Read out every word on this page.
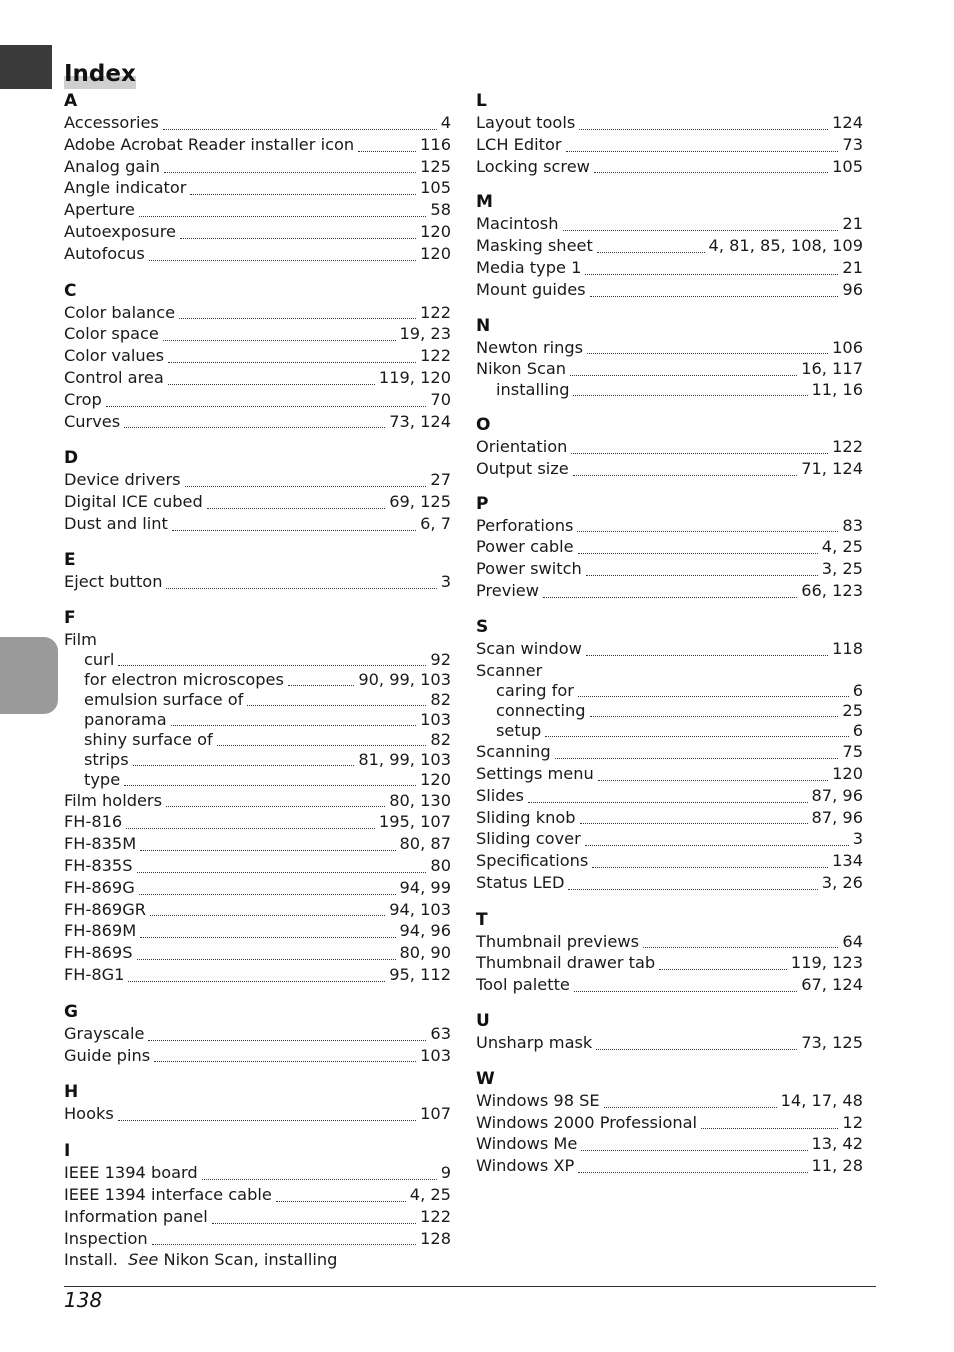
Index
A
Accessories	4
Adobe Acrobat Reader installer icon	116
Analog gain	125
Angle indicator	105
Aperture	58
Autoexposure	120
Autofocus	120
C
Color balance	122
Color space	19, 23
Color values	122
Control area	119, 120
Crop	70
Curves	73, 124
D
Device drivers	27
Digital ICE cubed	69, 125
Dust and lint	6, 7
E
Eject button	3
F
Film
curl	92
for electron microscopes	90, 99, 103
emulsion surface of	82
panorama	103
shiny surface of	82
strips	81, 99, 103
type	120
Film holders	80, 130
FH-816	195, 107
FH-835M	80, 87
FH-835S	80
FH-869G	94, 99
FH-869GR	94, 103
FH-869M	94, 96
FH-869S	80, 90
FH-8G1	95, 112
G
Grayscale	63
Guide pins	103
H
Hooks	107
I
IEEE 1394 board	9
IEEE 1394 interface cable	4, 25
Information panel	122
Inspection	128
Install. See Nikon Scan, installing
L
Layout tools	124
LCH Editor	73
Locking screw	105
M
Macintosh	21
Masking sheet	4, 81, 85, 108, 109
Media type 1	21
Mount guides	96
N
Newton rings	106
Nikon Scan	16, 117
installing	11, 16
O
Orientation	122
Output size	71, 124
P
Perforations	83
Power cable	4, 25
Power switch	3, 25
Preview	66, 123
S
Scan window	118
Scanner
caring for	6
connecting	25
setup	6
Scanning	75
Settings menu	120
Slides	87, 96
Sliding knob	87, 96
Sliding cover	3
Specifications	134
Status LED	3, 26
T
Thumbnail previews	64
Thumbnail drawer tab	119, 123
Tool palette	67, 124
U
Unsharp mask	73, 125
W
Windows 98 SE	14, 17, 48
Windows 2000 Professional	12
Windows Me	13, 42
Windows XP	11, 28
138
